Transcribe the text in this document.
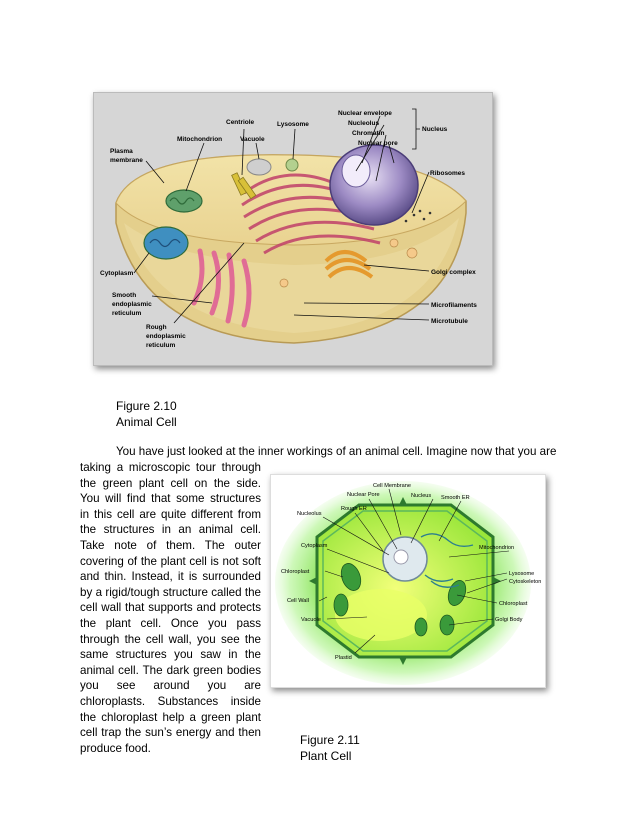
Centriole	Lysosome
Nuclear envelope
Nucleolus
Chromatin
Nuclear pore
Nucleus
Mitochondrion	Vacuole
Plasma
membrane
Ribosomes
Cytoplasm	Golgi complex
Smooth
endoplasmic
reticulum
Microfilaments
Microtubule
Rough
endoplasmic
reticulum
Figure 2.10
Animal Cell
You have just looked at the inner workings of an animal cell. Imagine now that you are
taking a microscopic tour through the green plant cell on the side. You will find that some structures in this cell are quite different from the structures in an animal cell. Take note of them. The outer covering of the plant cell is not soft and thin. Instead, it is surrounded by a rigid/tough structure called the cell wall that supports and protects the plant cell. Once you pass through the cell wall, you see the same structures you saw in the animal cell. The dark green bodies you see around you are chloroplasts. Substances inside the chloroplast help a green plant cell trap the sun’s energy and then produce food.
Cell Membrane
Nuclear Pore	Nucleus Smooth ER
Nucleolus
Rough ER
Mitochondrion
Cytoplasm
Chloroplast	Lysosome
Cytoskeleton
Cell Wall	Chloroplast
Vacuole	Golgi Body
Plastid
Figure 2.11
Plant Cell
